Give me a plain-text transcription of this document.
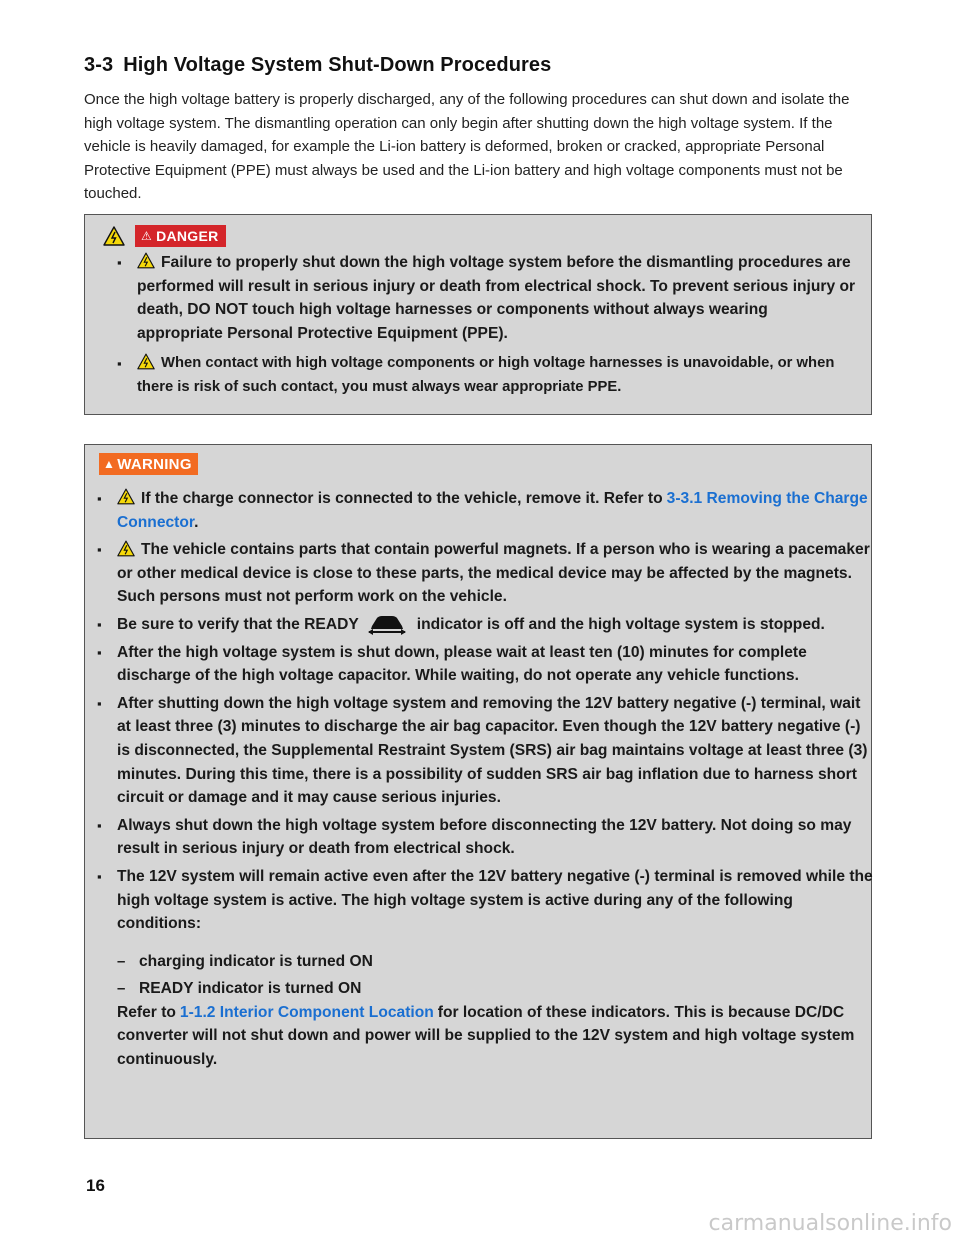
3-3 High Voltage System Shut-Down Procedures

Once the high voltage battery is properly discharged, any of the following procedures can shut down and isolate the high voltage system. The dismantling operation can only begin after shutting down the high voltage system. If the vehicle is heavily damaged, for example the Li-ion battery is deformed, broken or cracked, appropriate Personal Protective Equipment (PPE) must always be used and the Li-ion battery and high voltage components must not be touched.

⚠ DANGER
▪ Failure to properly shut down the high voltage system before the dismantling procedures are performed will result in serious injury or death from electrical shock. To prevent serious injury or death, DO NOT touch high voltage harnesses or components without always wearing appropriate Personal Protective Equipment (PPE).
▪ When contact with high voltage components or high voltage harnesses is unavoidable, or when there is risk of such contact, you must always wear appropriate PPE.
▲ WARNING
▪ If the charge connector is connected to the vehicle, remove it. Refer to 3-3.1 Removing the Charge Connector.
▪ The vehicle contains parts that contain powerful magnets. If a person who is wearing a pacemaker or other medical device is close to these parts, the medical device may be affected by the magnets. Such persons must not perform work on the vehicle.
▪ Be sure to verify that the READY	indicator is off and the high voltage system is stopped.
▪ After the high voltage system is shut down, please wait at least ten (10) minutes for complete discharge of the high voltage capacitor. While waiting, do not operate any vehicle functions.
▪ After shutting down the high voltage system and removing the 12V battery negative (-) terminal, wait at least three (3) minutes to discharge the air bag capacitor. Even though the 12V battery negative (-) is disconnected, the Supplemental Restraint System (SRS) air bag maintains voltage at least three (3) minutes. During this time, there is a possibility of sudden SRS air bag inflation due to harness short circuit or damage and it may cause serious injuries.
▪ Always shut down the high voltage system before disconnecting the 12V battery. Not doing so may result in serious injury or death from electrical shock.
▪ The 12V system will remain active even after the 12V battery negative (-) terminal is removed while the high voltage system is active. The high voltage system is active during any of the following conditions:
– charging indicator is turned ON
– READY indicator is turned ON
Refer to 1-1.2 Interior Component Location for location of these indicators. This is because DC/DC converter will not shut down and power will be supplied to the 12V system and high voltage system continuously.

16

carmanualsonline.info
